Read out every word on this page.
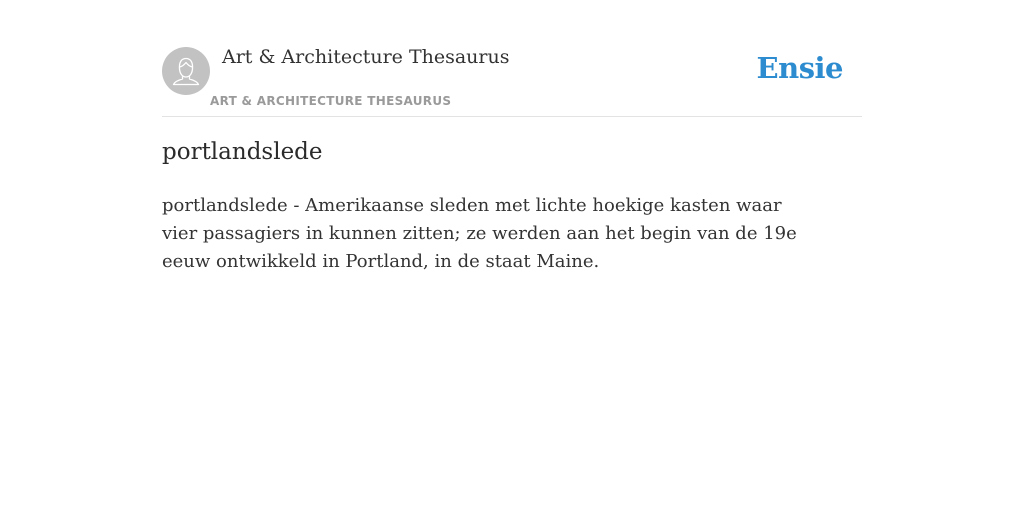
Art & Architecture Thesaurus
ART & ARCHITECTURE THESAURUS
Ensie
portlandslede

portlandslede - Amerikaanse sleden met lichte hoekige kasten waar vier passagiers in kunnen zitten; ze werden aan het begin van de 19e eeuw ontwikkeld in Portland, in de staat Maine.
